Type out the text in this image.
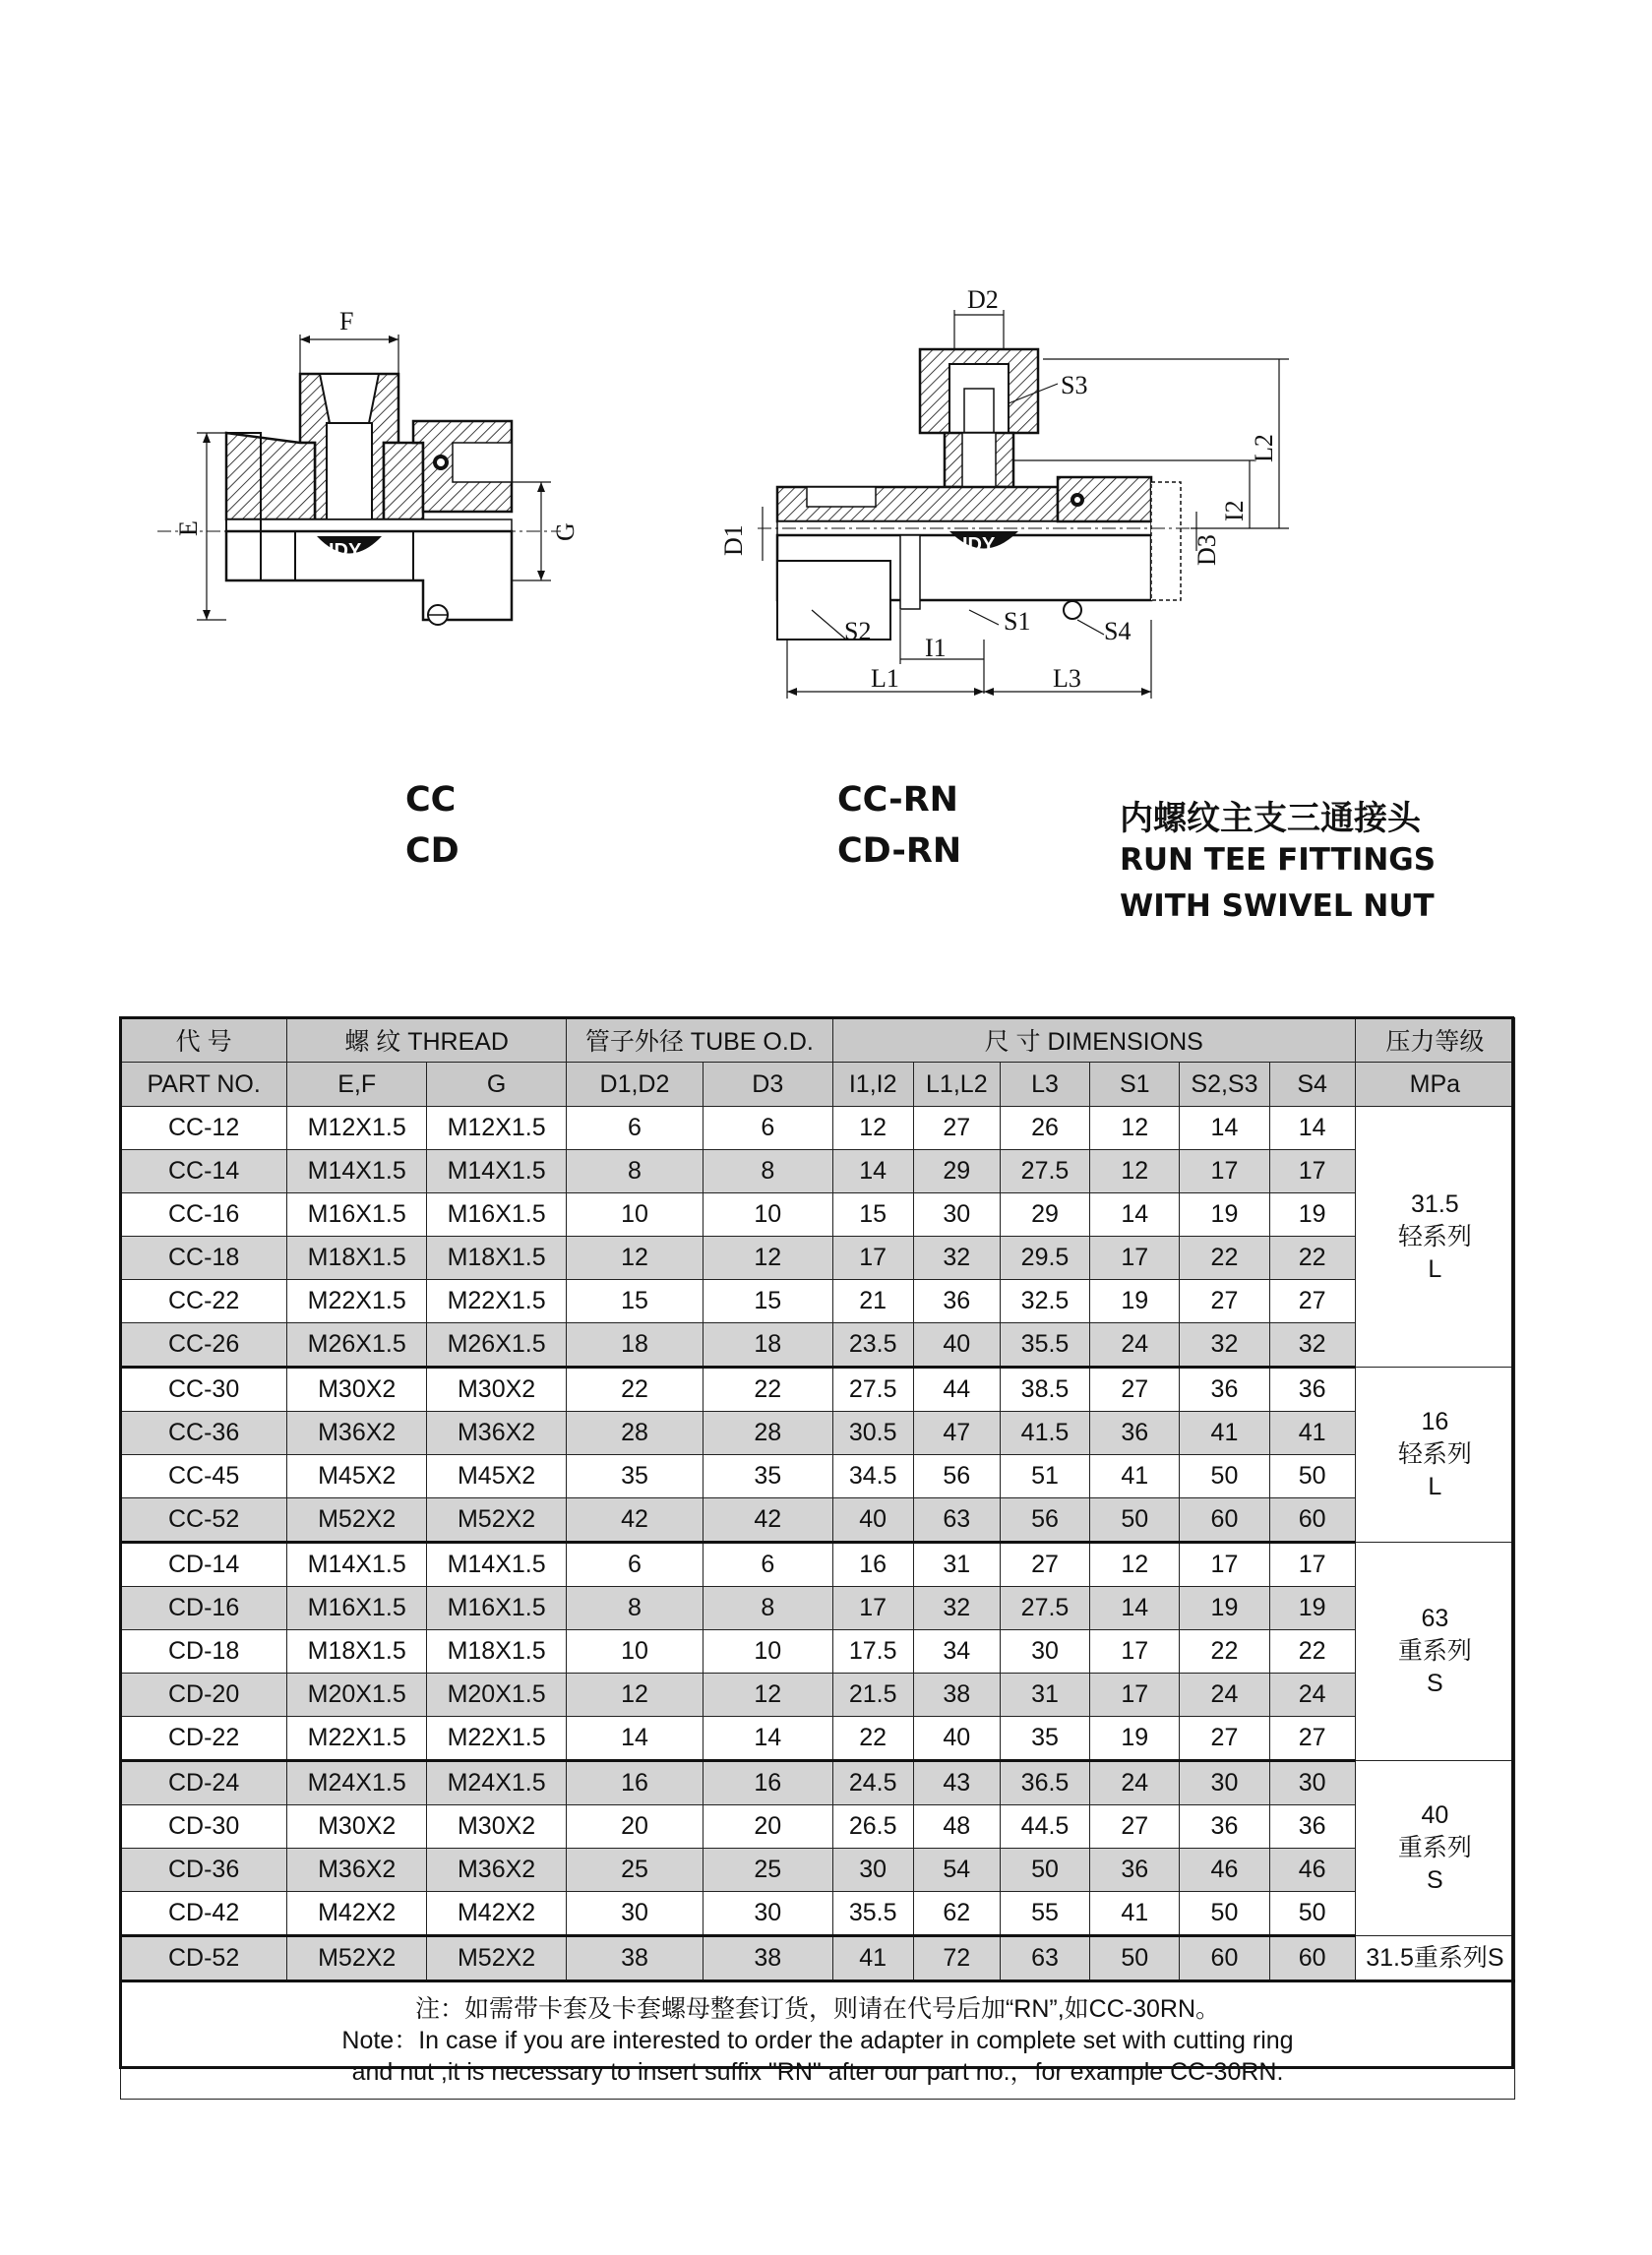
F
IDY
E	G
D2
IDY
S3
L2
I2
D3
D1
S2	S1	S4
I1
L1	L3
CC
CD
CC-RN
CD-RN
内螺纹主支三通接头
RUN TEE FITTINGS
WITH SWIVEL NUT
代 号	螺 纹 THREAD		管子外径 TUBE O.D.		尺 寸 DIMENSIONS						压力等级
PART NO.	E,F	G	D1,D2	D3	I1,I2	L1,L2	L3	S1	S2,S3	S4	MPa
CC-12	M12X1.5	M12X1.5	6	6	12	27	26	12	14	14	31.5
轻系列
L

CC-14	M14X1.5	M14X1.5	8	8	14	29	27.5	12	17	17	
CC-16	M16X1.5	M16X1.5	10	10	15	30	29	14	19	19	
CC-18	M18X1.5	M18X1.5	12	12	17	32	29.5	17	22	22	
CC-22	M22X1.5	M22X1.5	15	15	21	36	32.5	19	27	27	
CC-26	M26X1.5	M26X1.5	18	18	23.5	40	35.5	24	32	32	
CC-30	M30X2	M30X2	22	22	27.5	44	38.5	27	36	36	16
轻系列
L

CC-36	M36X2	M36X2	28	28	30.5	47	41.5	36	41	41	
CC-45	M45X2	M45X2	35	35	34.5	56	51	41	50	50	
CC-52	M52X2	M52X2	42	42	40	63	56	50	60	60	
CD-14	M14X1.5	M14X1.5	6	6	16	31	27	12	17	17	63
重系列
S

CD-16	M16X1.5	M16X1.5	8	8	17	32	27.5	14	19	19	
CD-18	M18X1.5	M18X1.5	10	10	17.5	34	30	17	22	22	
CD-20	M20X1.5	M20X1.5	12	12	21.5	38	31	17	24	24	
CD-22	M22X1.5	M22X1.5	14	14	22	40	35	19	27	27	
CD-24	M24X1.5	M24X1.5	16	16	24.5	43	36.5	24	30	30	40
重系列
S

CD-30	M30X2	M30X2	20	20	26.5	48	44.5	27	36	36	
CD-36	M36X2	M36X2	25	25	30	54	50	36	46	46	
CD-42	M42X2	M42X2	30	30	35.5	62	55	41	50	50	
CD-52	M52X2	M52X2	38	38	41	72	63	50	60	60	31.5重系列S

注：如需带卡套及卡套螺母整套订货，则请在代号后加“RN”,如CC-30RN。
Note：In case if you are interested to order the adapter in complete set with cutting ring
and nut ,it is necessary to insert suffix "RN" after our part no.，for example CC-30RN.											
